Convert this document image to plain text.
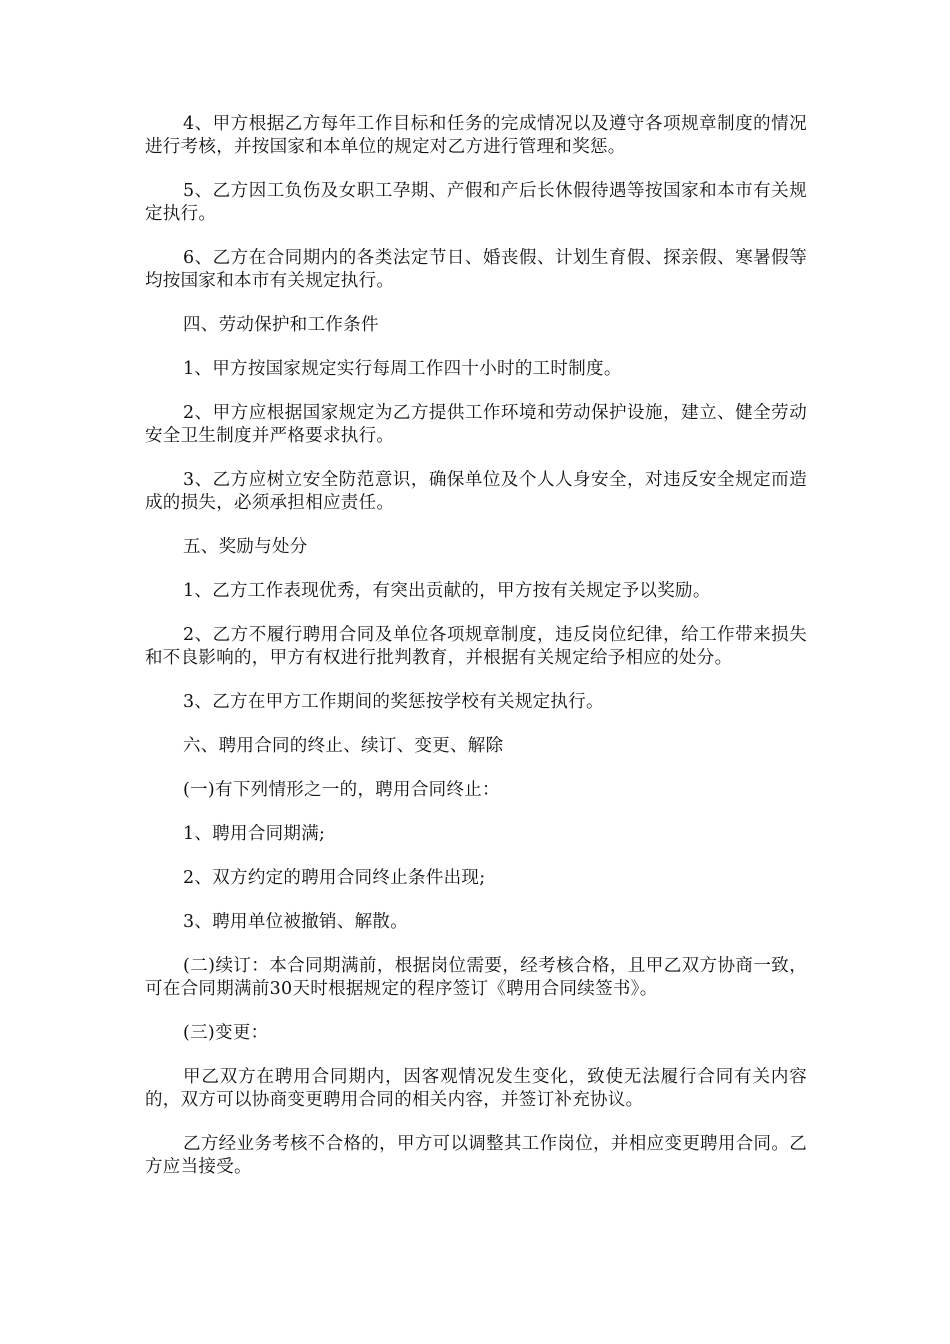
4、甲方根据乙方每年工作目标和任务的完成情况以及遵守各项规章制度的情况进行考核，并按国家和本单位的规定对乙方进行管理和奖惩。

5、乙方因工负伤及女职工孕期、产假和产后长休假待遇等按国家和本市有关规定执行。

6、乙方在合同期内的各类法定节日、婚丧假、计划生育假、探亲假、寒暑假等均按国家和本市有关规定执行。

四、劳动保护和工作条件

1、甲方按国家规定实行每周工作四十小时的工时制度。

2、甲方应根据国家规定为乙方提供工作环境和劳动保护设施，建立、健全劳动安全卫生制度并严格要求执行。

3、乙方应树立安全防范意识，确保单位及个人人身安全，对违反安全规定而造成的损失，必须承担相应责任。

五、奖励与处分

1、乙方工作表现优秀，有突出贡献的，甲方按有关规定予以奖励。

2、乙方不履行聘用合同及单位各项规章制度，违反岗位纪律，给工作带来损失和不良影响的，甲方有权进行批判教育，并根据有关规定给予相应的处分。

3、乙方在甲方工作期间的奖惩按学校有关规定执行。

六、聘用合同的终止、续订、变更、解除

(一)有下列情形之一的，聘用合同终止：

1、聘用合同期满;

2、双方约定的聘用合同终止条件出现;

3、聘用单位被撤销、解散。

(二)续订：本合同期满前，根据岗位需要，经考核合格，且甲乙双方协商一致，可在合同期满前30天时根据规定的程序签订《聘用合同续签书》。

(三)变更：

甲乙双方在聘用合同期内，因客观情况发生变化，致使无法履行合同有关内容的，双方可以协商变更聘用合同的相关内容，并签订补充协议。

乙方经业务考核不合格的，甲方可以调整其工作岗位，并相应变更聘用合同。乙方应当接受。
